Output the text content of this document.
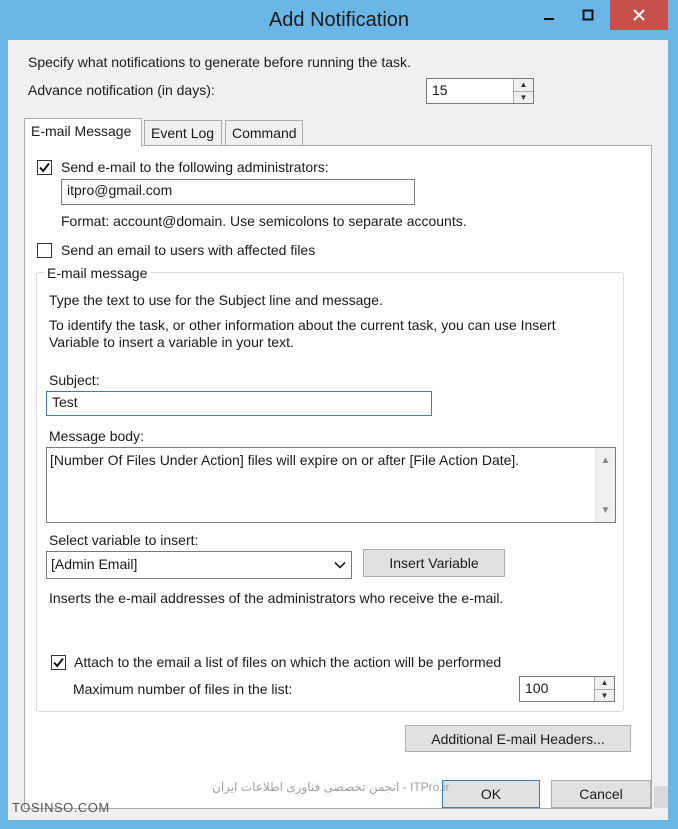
Add Notification
Specify what notifications to generate before running the task.
Advance notification (in days):	15	▲
▼
E-mail Message	Event Log	Command
Send e-mail to the following administrators:
itpro@gmail.com
Format: account@domain. Use semicolons to separate accounts.
Send an email to users with affected files
E-mail message
Type the text to use for the Subject line and message.
To identify the task, or other information about the current task, you can use Insert
Variable to insert a variable in your text.
Subject:
Test
Message body:
[Number Of Files Under Action] files will expire on or after [File Action Date].	▲
▼
Select variable to insert:
[Admin Email]	Insert Variable
Inserts the e-mail addresses of the administrators who receive the e-mail.
Attach to the email a list of files on which the action will be performed
Maximum number of files in the list:	100	▲
▼
Additional E-mail Headers...
OK	Cancel
انجمن تخصصی فناوری اطلاعات ایران - ITPro.ir
TOSINSO.COM
